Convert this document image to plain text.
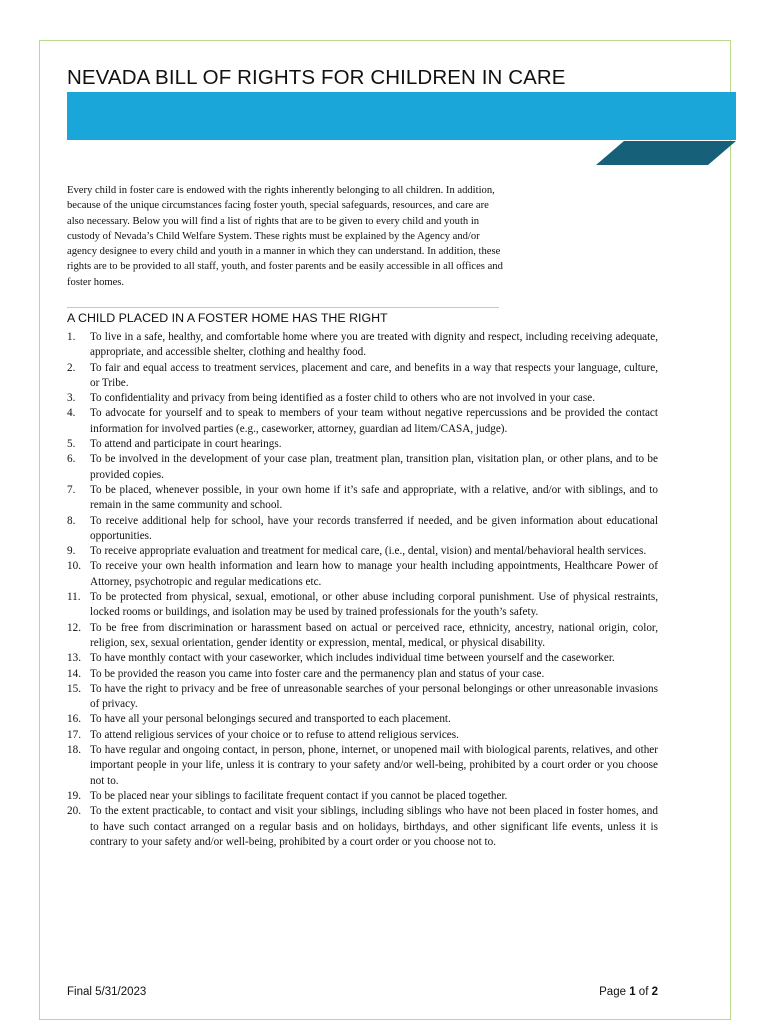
NEVADA BILL OF RIGHTS FOR CHILDREN IN CARE

Every child in foster care is endowed with the rights inherently belonging to all children. In addition, because of the unique circumstances facing foster youth, special safeguards, resources, and care are also necessary. Below you will find a list of rights that are to be given to every child and youth in custody of Nevada’s Child Welfare System. These rights must be explained by the Agency and/or agency designee to every child and youth in a manner in which they can understand. In addition, these rights are to be provided to all staff, youth, and foster parents and be easily accessible in all offices and foster homes.

A CHILD PLACED IN A FOSTER HOME HAS THE RIGHT
1.	To live in a safe, healthy, and comfortable home where you are treated with dignity and respect, including receiving adequate, appropriate, and accessible shelter, clothing and healthy food.
2.	To fair and equal access to treatment services, placement and care, and benefits in a way that respects your language, culture, or Tribe.
3.	To confidentiality and privacy from being identified as a foster child to others who are not involved in your case.
4.	To advocate for yourself and to speak to members of your team without negative repercussions and be provided the contact information for involved parties (e.g., caseworker, attorney, guardian ad litem/CASA, judge).
5.	To attend and participate in court hearings.
6.	To be involved in the development of your case plan, treatment plan, transition plan, visitation plan, or other plans, and to be provided copies.
7.	To be placed, whenever possible, in your own home if it’s safe and appropriate, with a relative, and/or with siblings, and to remain in the same community and school.
8.	To receive additional help for school, have your records transferred if needed, and be given information about educational opportunities.
9.	To receive appropriate evaluation and treatment for medical care, (i.e., dental, vision) and mental/behavioral health services.
10. To receive your own health information and learn how to manage your health including appointments, Healthcare Power of Attorney, psychotropic and regular medications etc.
11. To be protected from physical, sexual, emotional, or other abuse including corporal punishment. Use of physical restraints, locked rooms or buildings, and isolation may be used by trained professionals for the youth’s safety.
12. To be free from discrimination or harassment based on actual or perceived race, ethnicity, ancestry, national origin, color, religion, sex, sexual orientation, gender identity or expression, mental, medical, or physical disability.
13. To have monthly contact with your caseworker, which includes individual time between yourself and the caseworker.
14. To be provided the reason you came into foster care and the permanency plan and status of your case.
15. To have the right to privacy and be free of unreasonable searches of your personal belongings or other unreasonable invasions of privacy.
16. To have all your personal belongings secured and transported to each placement.
17. To attend religious services of your choice or to refuse to attend religious services.
18. To have regular and ongoing contact, in person, phone, internet, or unopened mail with biological parents, relatives, and other important people in your life, unless it is contrary to your safety and/or well-being, prohibited by a court order or you choose not to.
19. To be placed near your siblings to facilitate frequent contact if you cannot be placed together.
20. To the extent practicable, to contact and visit your siblings, including siblings who have not been placed in foster homes, and to have such contact arranged on a regular basis and on holidays, birthdays, and other significant life events, unless it is contrary to your safety and/or well-being, prohibited by a court order or you choose not to.
Final 5/31/2023	Page 1 of 2
